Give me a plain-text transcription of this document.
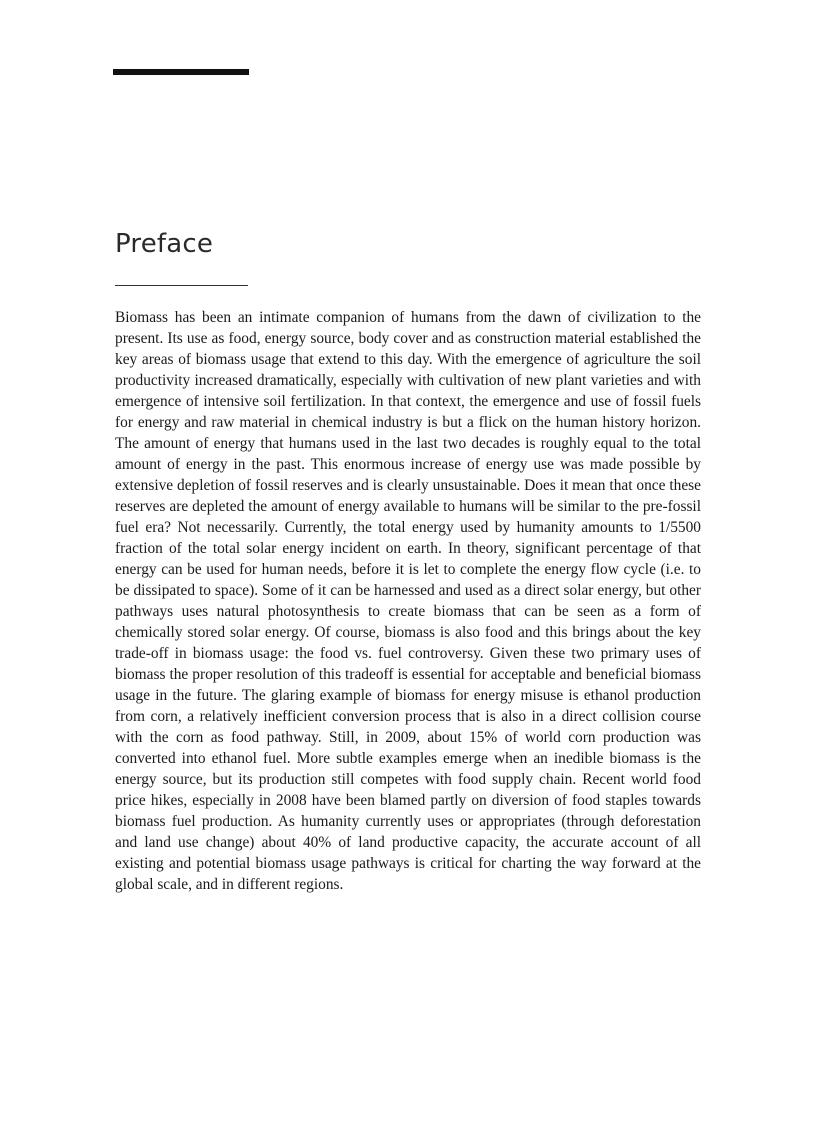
Preface

Biomass has been an intimate companion of humans from the dawn of civilization to the present. Its use as food, energy source, body cover and as construction material established the key areas of biomass usage that extend to this day. With the emergence of agriculture the soil productivity increased dramatically, especially with cultivation of new plant varieties and with emergence of intensive soil fertilization. In that context, the emergence and use of fossil fuels for energy and raw material in chemical industry is but a flick on the human history horizon. The amount of energy that humans used in the last two decades is roughly equal to the total amount of energy in the past. This enormous increase of energy use was made possible by extensive depletion of fossil reserves and is clearly unsustainable. Does it mean that once these reserves are depleted the amount of energy available to humans will be similar to the pre-fossil fuel era? Not necessarily. Currently, the total energy used by humanity amounts to 1/5500 fraction of the total solar energy incident on earth. In theory, significant percentage of that energy can be used for human needs, before it is let to complete the energy flow cycle (i.e. to be dissipated to space). Some of it can be harnessed and used as a direct solar energy, but other pathways uses natural photosynthesis to create biomass that can be seen as a form of chemically stored solar energy. Of course, biomass is also food and this brings about the key trade-off in biomass usage: the food vs. fuel controversy. Given these two primary uses of biomass the proper resolution of this tradeoff is essential for acceptable and beneficial biomass usage in the future. The glaring example of biomass for energy misuse is ethanol production from corn, a relatively inefficient conversion process that is also in a direct collision course with the corn as food pathway. Still, in 2009, about 15% of world corn production was converted into ethanol fuel. More subtle examples emerge when an inedible biomass is the energy source, but its production still competes with food supply chain. Recent world food price hikes, especially in 2008 have been blamed partly on diversion of food staples towards biomass fuel production. As humanity currently uses or appropriates (through deforestation and land use change) about 40% of land productive capacity, the accurate account of all existing and potential biomass usage pathways is critical for charting the way forward at the global scale, and in different regions.
